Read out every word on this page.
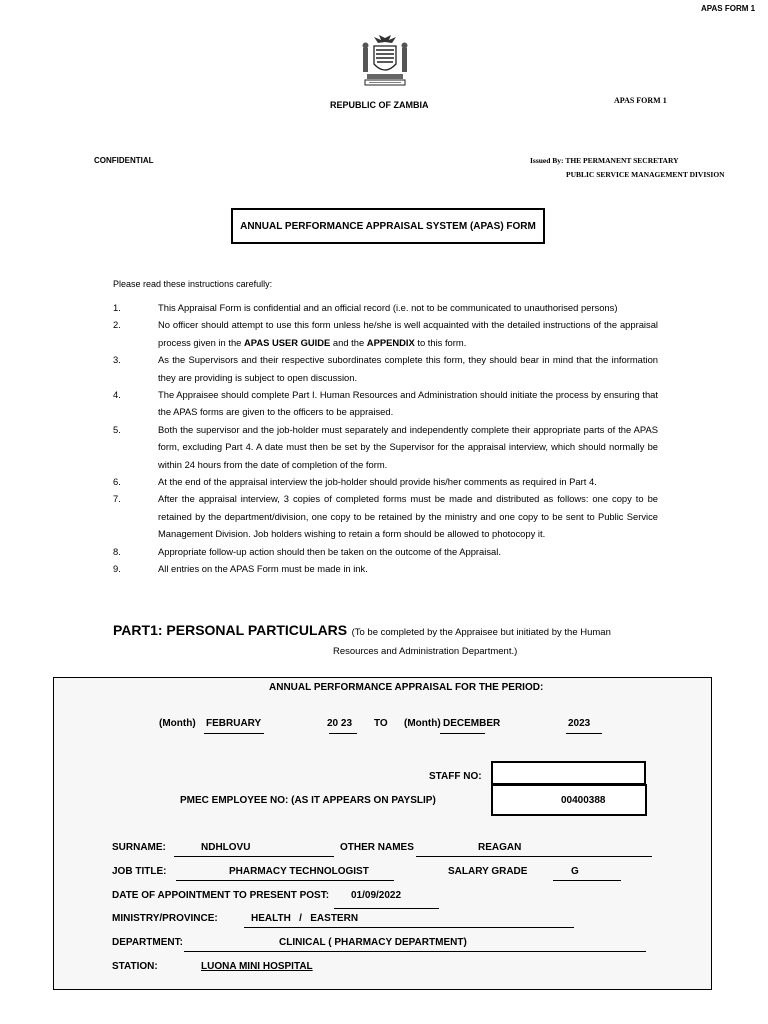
APAS FORM 1
REPUBLIC OF ZAMBIA	APAS FORM 1
CONFIDENTIAL	Issued By: THE PERMANENT SECRETARY
PUBLIC SERVICE MANAGEMENT DIVISION
ANNUAL PERFORMANCE APPRAISAL SYSTEM (APAS) FORM
Please read these instructions carefully:
1.	This Appraisal Form is confidential and an official record (i.e. not to be communicated to unauthorised persons)
2.	No officer should attempt to use this form unless he/she is well acquainted with the detailed instructions of the appraisal process given in the APAS USER GUIDE and the APPENDIX to this form.
3.	As the Supervisors and their respective subordinates complete this form, they should bear in mind that the information they are providing is subject to open discussion.
4.	The Appraisee should complete Part I. Human Resources and Administration should initiate the process by ensuring that the APAS forms are given to the officers to be appraised.
5.	Both the supervisor and the job-holder must separately and independently complete their appropriate parts of the APAS form, excluding Part 4. A date must then be set by the Supervisor for the appraisal interview, which should normally be within 24 hours from the date of completion of the form.
6.	At the end of the appraisal interview the job-holder should provide his/her comments as required in Part 4.
7.	After the appraisal interview, 3 copies of completed forms must be made and distributed as follows: one copy to be retained by the department/division, one copy to be retained by the ministry and one copy to be sent to Public Service Management Division. Job holders wishing to retain a form should be allowed to photocopy it.
8.	Appropriate follow-up action should then be taken on the outcome of the Appraisal.
9.	All entries on the APAS Form must be made in ink.
PART1: PERSONAL PARTICULARS (To be completed by the Appraisee but initiated by the Human
Resources and Administration Department.)
ANNUAL PERFORMANCE APPRAISAL FOR THE PERIOD:
(Month) FEBRUARY	20 23 TO (Month) DECEMBER	2023
STAFF NO:
PMEC EMPLOYEE NO: (AS IT APPEARS ON PAYSLIP)	00400388
SURNAME:	NDHLOVU	OTHER NAMES	REAGAN
JOB TITLE:	PHARMACY TECHNOLOGIST	SALARY GRADE	G
DATE OF APPOINTMENT TO PRESENT POST: 01/09/2022
MINISTRY/PROVINCE:	HEALTH   /   EASTERN
DEPARTMENT:	CLINICAL ( PHARMACY DEPARTMENT)
STATION:	LUONA MINI HOSPITAL
